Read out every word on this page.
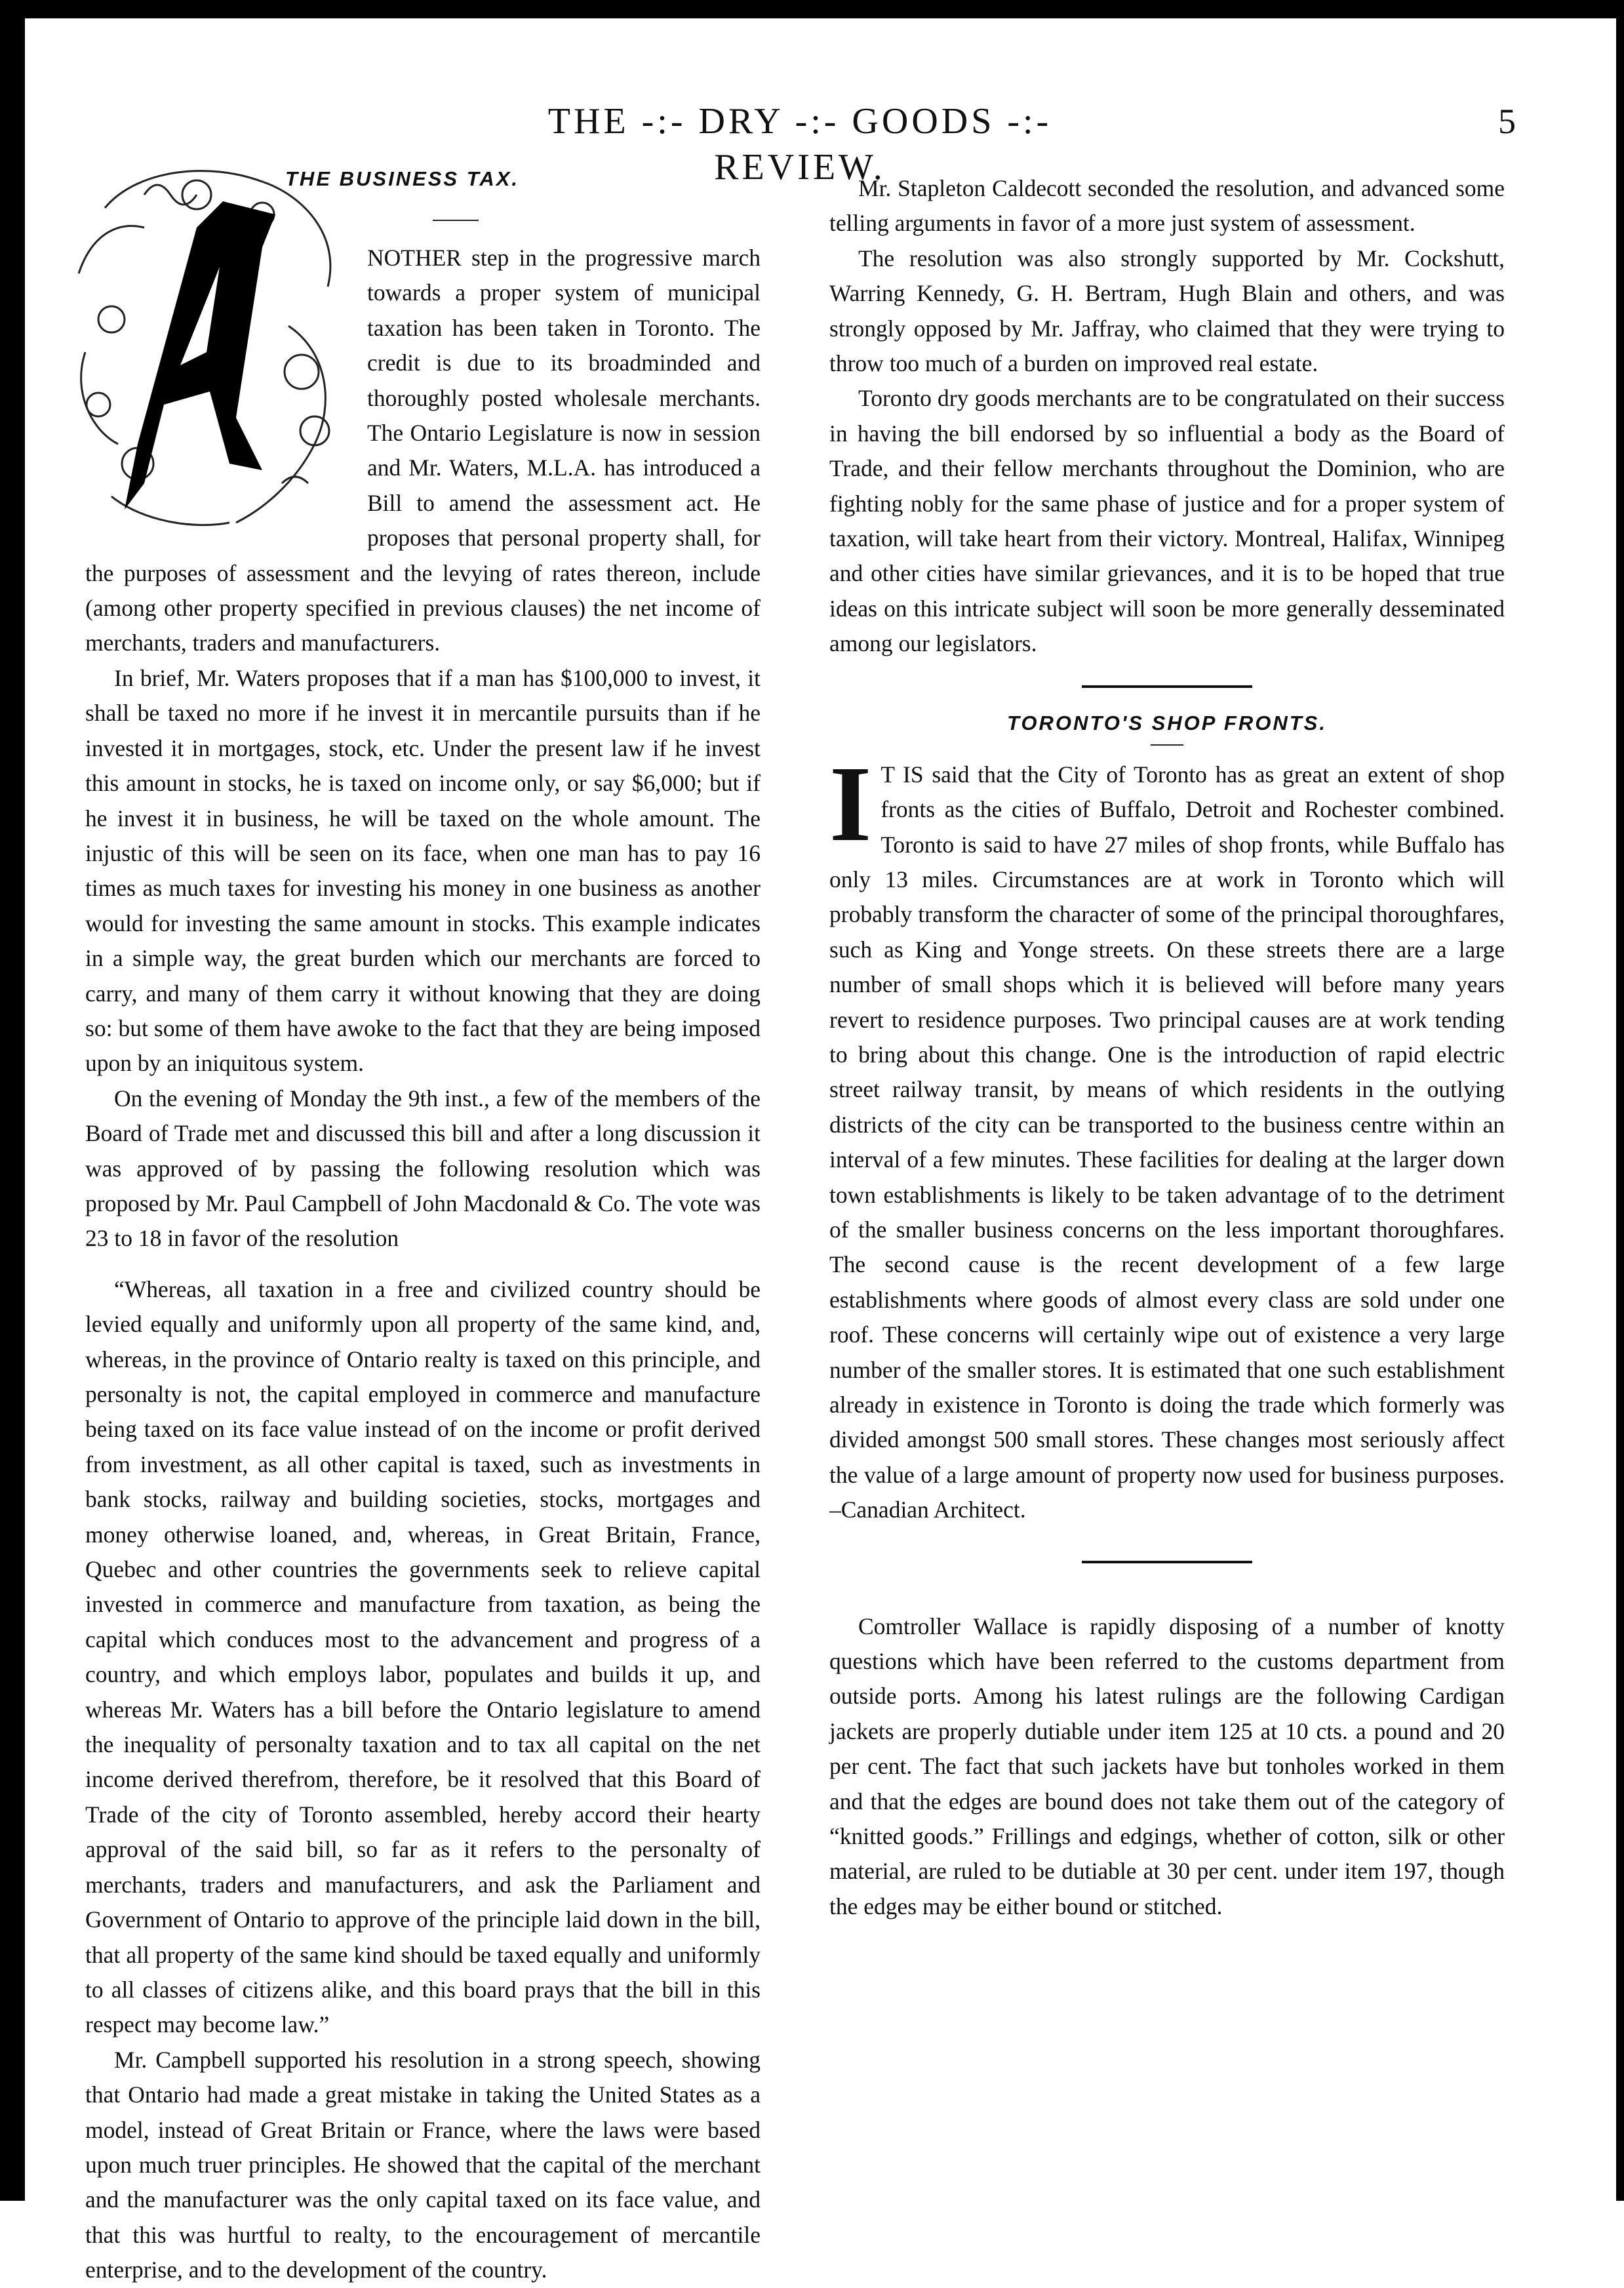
THE -:- DRY -:- GOODS -:- REVIEW.
5
THE BUSINESS TAX.

NOTHER step in the progressive march towards a proper system of municipal taxation has been taken in Toronto. The credit is due to its broadminded and thoroughly posted wholesale merchants. The Ontario Legislature is now in session and Mr. Waters, M.L.A. has introduced a Bill to amend the assessment act. He proposes that personal property shall, for the purposes of assessment and the levying of rates thereon, include (among other property specified in previous clauses) the net income of merchants, traders and manufacturers.

In brief, Mr. Waters proposes that if a man has $100,000 to invest, it shall be taxed no more if he invest it in mercantile pursuits than if he invested it in mortgages, stock, etc. Under the present law if he invest this amount in stocks, he is taxed on income only, or say $6,000; but if he invest it in business, he will be taxed on the whole amount. The injustic of this will be seen on its face, when one man has to pay 16 times as much taxes for investing his money in one business as another would for investing the same amount in stocks. This example indicates in a simple way, the great burden which our merchants are forced to carry, and many of them carry it without knowing that they are doing so: but some of them have awoke to the fact that they are being imposed upon by an iniquitous system.

On the evening of Monday the 9th inst., a few of the members of the Board of Trade met and discussed this bill and after a long discussion it was approved of by passing the following resolution which was proposed by Mr. Paul Campbell of John Macdonald & Co. The vote was 23 to 18 in favor of the resolution

“Whereas, all taxation in a free and civilized country should be levied equally and uniformly upon all property of the same kind, and, whereas, in the province of Ontario realty is taxed on this principle, and personalty is not, the capital employed in commerce and manufacture being taxed on its face value instead of on the income or profit derived from investment, as all other capital is taxed, such as investments in bank stocks, railway and building societies, stocks, mortgages and money otherwise loaned, and, whereas, in Great Britain, France, Quebec and other countries the governments seek to relieve capital invested in commerce and manufacture from taxation, as being the capital which conduces most to the advancement and progress of a country, and which employs labor, populates and builds it up, and whereas Mr. Waters has a bill before the Ontario legislature to amend the inequality of personalty taxation and to tax all capital on the net income derived therefrom, therefore, be it resolved that this Board of Trade of the city of Toronto assembled, hereby accord their hearty approval of the said bill, so far as it refers to the personalty of merchants, traders and manufacturers, and ask the Parliament and Government of Ontario to approve of the principle laid down in the bill, that all property of the same kind should be taxed equally and uniformly to all classes of citizens alike, and this board prays that the bill in this respect may become law.”

Mr. Campbell supported his resolution in a strong speech, showing that Ontario had made a great mistake in taking the United States as a model, instead of Great Britain or France, where the laws were based upon much truer principles. He showed that the capital of the merchant and the manufacturer was the only capital taxed on its face value, and that this was hurtful to realty, to the encouragement of mercantile enterprise, and to the development of the country.

Mr. Stapleton Caldecott seconded the resolution, and advanced some telling arguments in favor of a more just system of assessment.

The resolution was also strongly supported by Mr. Cockshutt, Warring Kennedy, G. H. Bertram, Hugh Blain and others, and was strongly opposed by Mr. Jaffray, who claimed that they were trying to throw too much of a burden on improved real estate.

Toronto dry goods merchants are to be congratulated on their success in having the bill endorsed by so influential a body as the Board of Trade, and their fellow merchants throughout the Dominion, who are fighting nobly for the same phase of justice and for a proper system of taxation, will take heart from their victory. Montreal, Halifax, Winnipeg and other cities have similar grievances, and it is to be hoped that true ideas on this intricate subject will soon be more generally desseminated among our legislators.

TORONTO'S SHOP FRONTS.
I T IS said that the City of Toronto has as great an extent of shop fronts as the cities of Buffalo, Detroit and Rochester combined. Toronto is said to have 27 miles of shop fronts, while Buffalo has only 13 miles. Circumstances are at work in Toronto which will probably transform the character of some of the principal thoroughfares, such as King and Yonge streets. On these streets there are a large number of small shops which it is believed will before many years revert to residence purposes. Two principal causes are at work tending to bring about this change. One is the introduction of rapid electric street railway transit, by means of which residents in the outlying districts of the city can be transported to the business centre within an interval of a few minutes. These facilities for dealing at the larger down town establishments is likely to be taken advantage of to the detriment of the smaller business concerns on the less important thoroughfares. The second cause is the recent development of a few large establishments where goods of almost every class are sold under one roof. These concerns will certainly wipe out of existence a very large number of the smaller stores. It is estimated that one such establishment already in existence in Toronto is doing the trade which formerly was divided amongst 500 small stores. These changes most seriously affect the value of a large amount of property now used for business purposes. –Canadian Architect.

Comtroller Wallace is rapidly disposing of a number of knotty questions which have been referred to the customs department from outside ports. Among his latest rulings are the following Cardigan jackets are properly dutiable under item 125 at 10 cts. a pound and 20 per cent. The fact that such jackets have but tonholes worked in them and that the edges are bound does not take them out of the category of “knitted goods.” Frillings and edgings, whether of cotton, silk or other material, are ruled to be dutiable at 30 per cent. under item 197, though the edges may be either bound or stitched.
